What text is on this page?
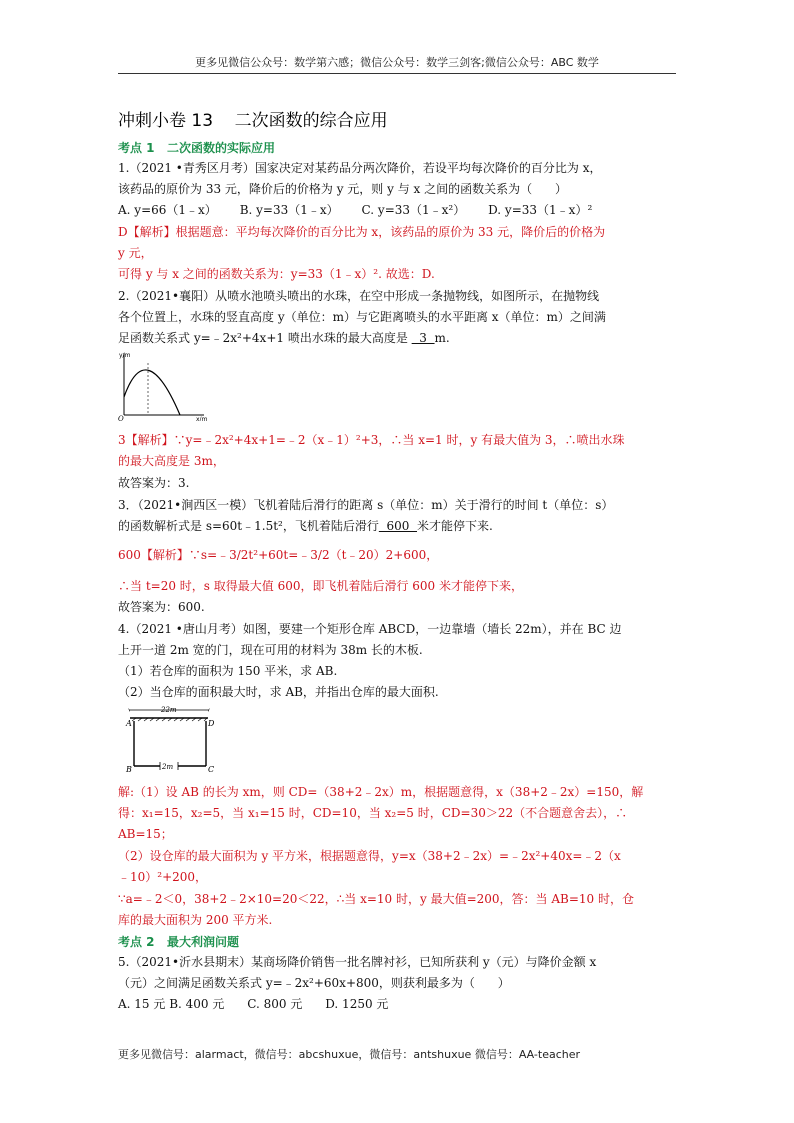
更多见微信公众号：数学第六感；微信公众号：数学三剑客;微信公众号：ABC 数学
冲刺小卷 13    二次函数的综合应用
考点 1   二次函数的实际应用
1.（2021 •青秀区月考）国家决定对某药品分两次降价，若设平均每次降价的百分比为 x，
该药品的原价为 33 元，降价后的价格为 y 元，则 y 与 x 之间的函数关系为（      ）
A. y=66（1﹣x）      B. y=33（1﹣x）      C. y=33（1﹣x²）      D. y=33（1﹣x）²
D【解析】根据题意：平均每次降价的百分比为 x，该药品的原价为 33 元，降价后的价格为
y 元，
可得 y 与 x 之间的函数关系为：y=33（1﹣x）². 故选：D.
2.（2021•襄阳）从喷水池喷头喷出的水珠，在空中形成一条抛物线，如图所示，在抛物线
各个位置上，水珠的竖直高度 y（单位：m）与它距离喷头的水平距离 x（单位：m）之间满
足函数关系式 y=﹣2x²+4x+1 喷出水珠的最大高度是   3  m.
y/m
x/m
O
3【解析】∵y=﹣2x²+4x+1=﹣2（x﹣1）²+3，∴当 x=1 时，y 有最大值为 3，∴喷出水珠
的最大高度是 3m，
故答案为：3.
3．（2021•涧西区一模）飞机着陆后滑行的距离 s（单位：m）关于滑行的时间 t（单位：s）
的函数解析式是 s=60t﹣1.5t²，飞机着陆后滑行  600  米才能停下来.
600【解析】∵s=﹣3/2t²+60t=﹣3/2（t﹣20）2+600，
∴当 t=20 时，s 取得最大值 600，即飞机着陆后滑行 600 米才能停下来，
故答案为：600.
4.（2021 •唐山月考）如图，要建一个矩形仓库 ABCD，一边靠墙（墙长 22m），并在 BC 边
上开一道 2m 宽的门，现在可用的材料为 38m 长的木板.
（1）若仓库的面积为 150 平米，求 AB.
（2）当仓库的面积最大时，求 AB，并指出仓库的最大面积.
22m
2m
A	D
B	C
解:（1）设 AB 的长为 xm，则 CD=（38+2﹣2x）m，根据题意得，x（38+2﹣2x）=150，解
得：x₁=15，x₂=5，当 x₁=15 时，CD=10，当 x₂=5 时，CD=30＞22（不合题意舍去），∴
AB=15；
（2）设仓库的最大面积为 y 平方米，根据题意得，y=x（38+2﹣2x）=﹣2x²+40x=﹣2（x
﹣10）²+200，
∵a=﹣2＜0，38+2﹣2×10=20＜22，∴当 x=10 时，y 最大值=200，答：当 AB=10 时，仓
库的最大面积为 200 平方米.
考点 2   最大利润问题
5.（2021•沂水县期末）某商场降价销售一批名牌衬衫，已知所获利 y（元）与降价金额 x
（元）之间满足函数关系式 y=﹣2x²+60x+800，则获利最多为（      ）
A. 15 元 B. 400 元      C. 800 元      D. 1250 元
更多见微信号：alarmact，微信号：abcshuxue，微信号：antshuxue 微信号：AA-teacher
